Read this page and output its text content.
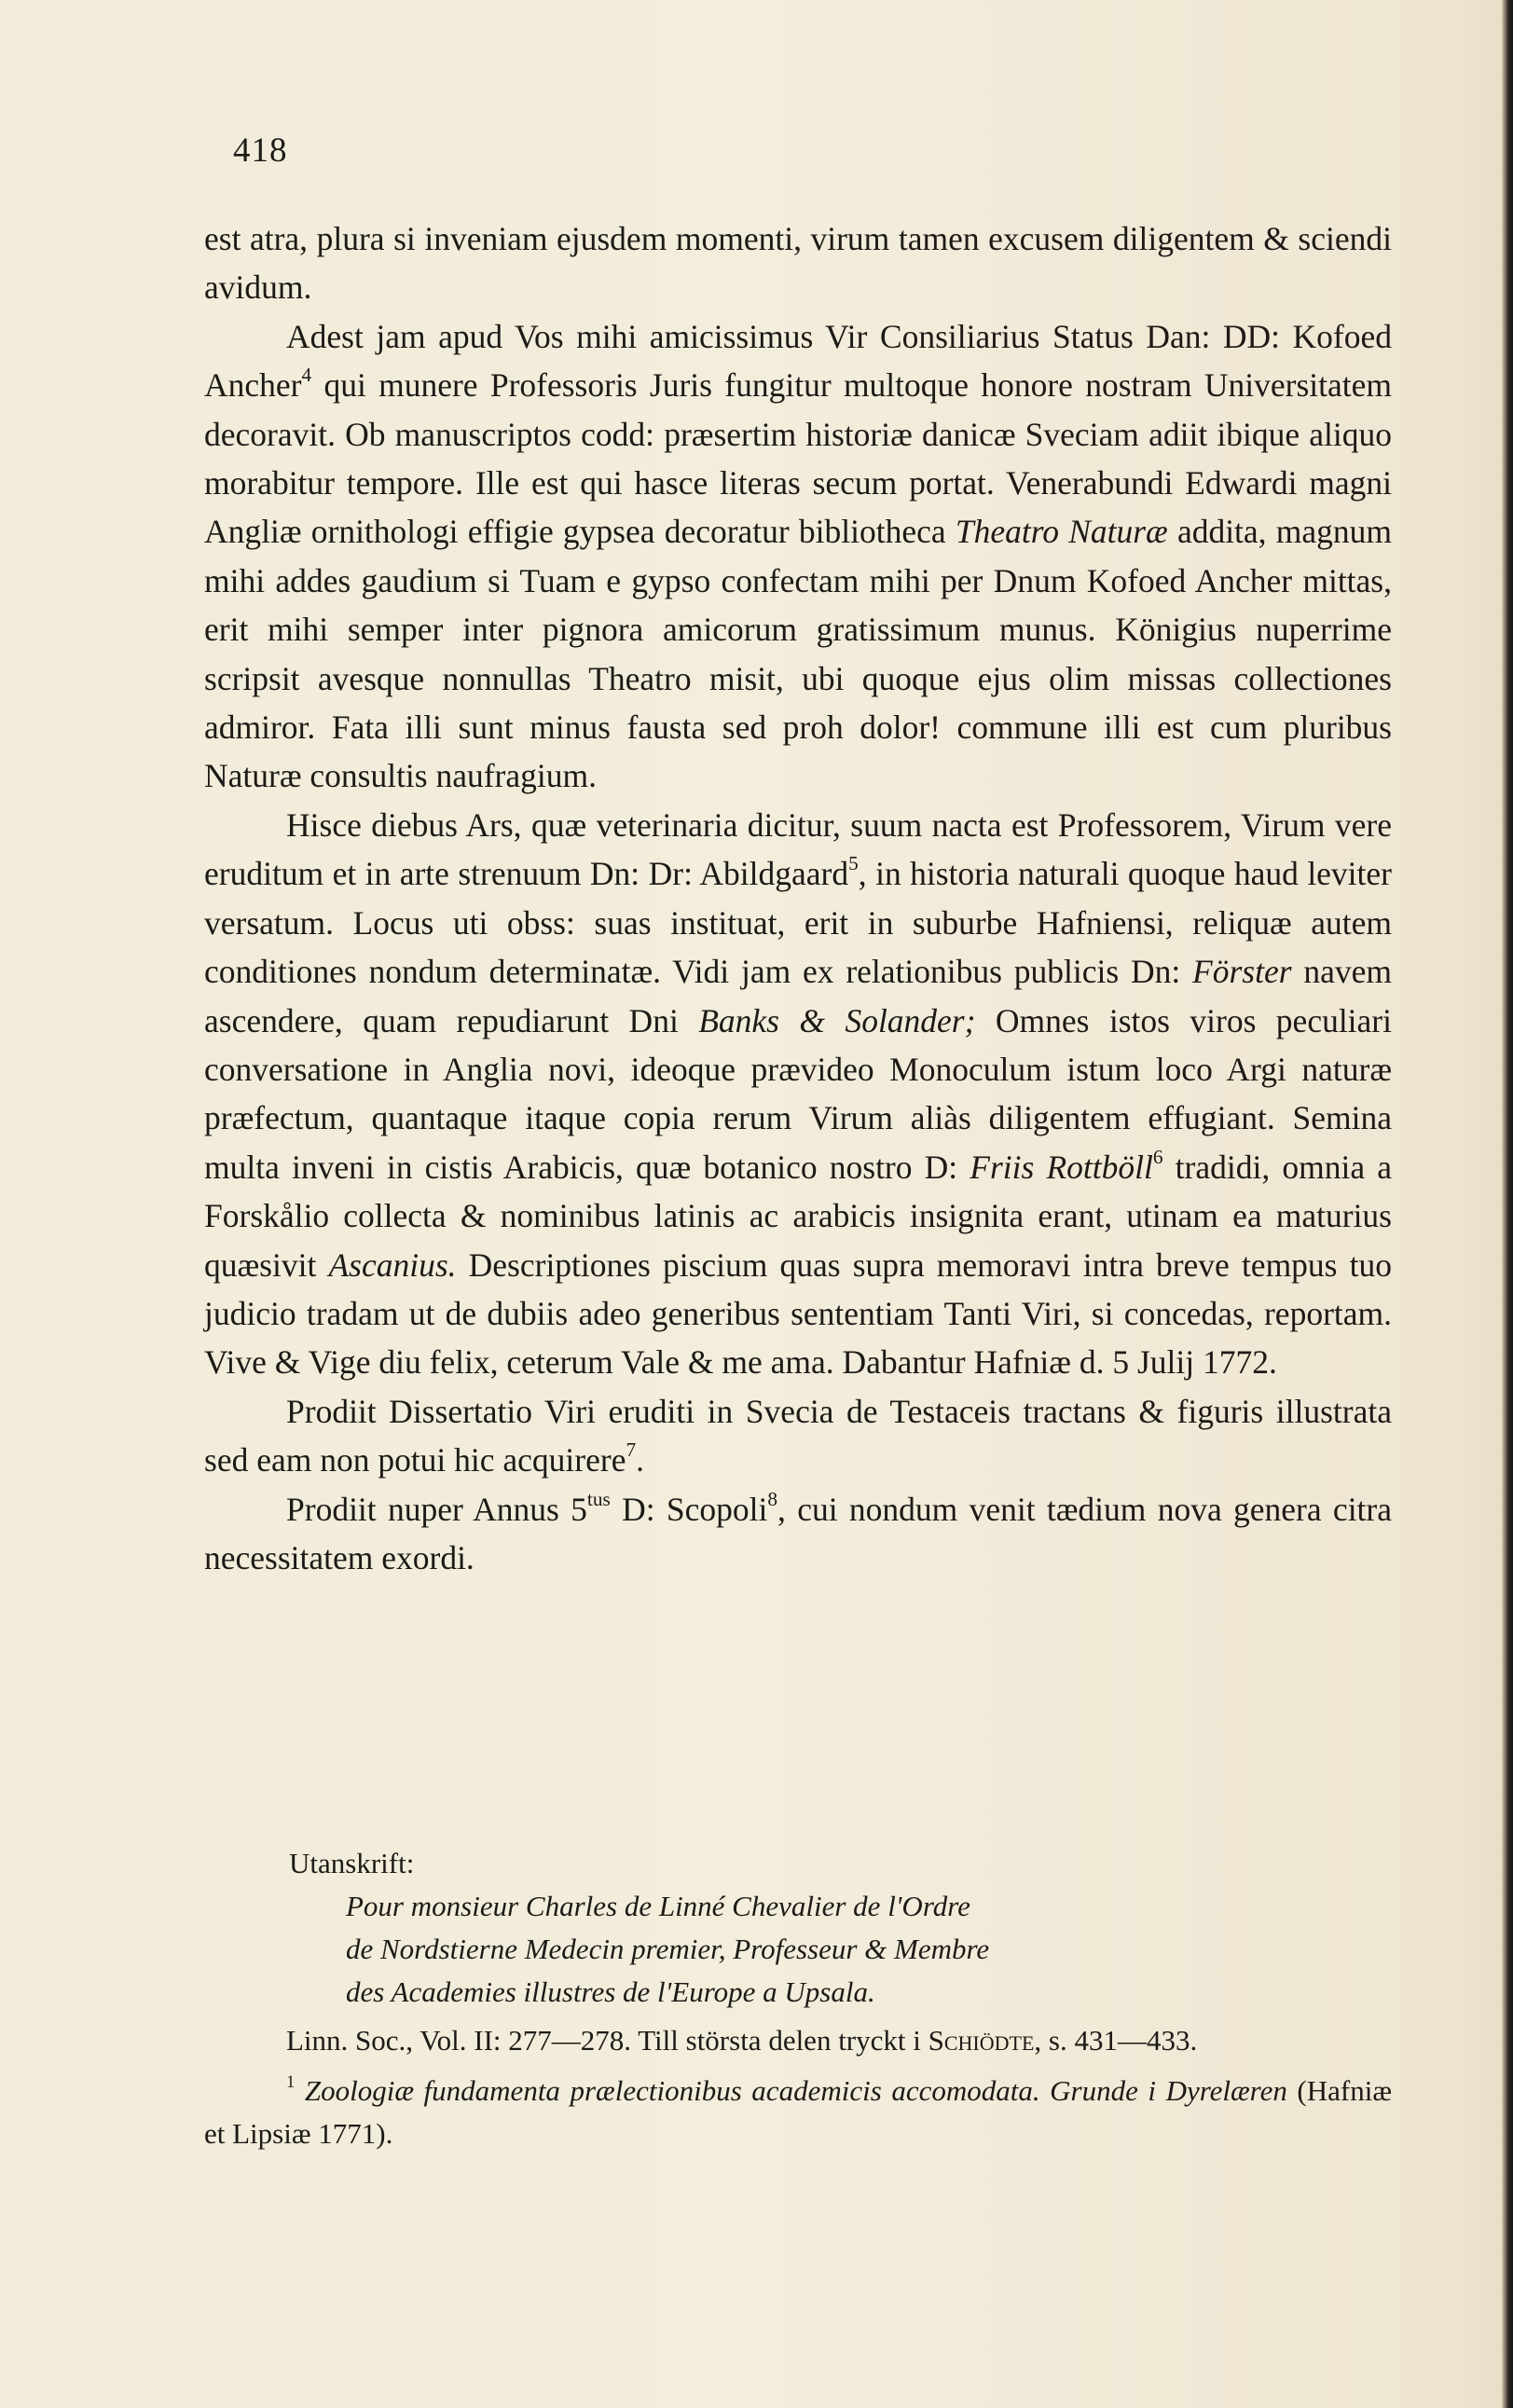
418

est atra, plura si inveniam ejusdem momenti, virum tamen excusem diligentem & sciendi avidum.

Adest jam apud Vos mihi amicissimus Vir Consiliarius Status Dan: DD: Kofoed Ancher$^4$ qui munere Professoris Juris fungitur multoque honore nostram Universitatem decoravit. Ob manuscriptos codd: præsertim historiæ danicæ Sveciam adiit ibique aliquo morabitur tempore. Ille est qui hasce literas secum portat. Venerabundi Edwardi magni Angliæ ornithologi effigie gypsea decoratur bibliotheca Theatro Naturæ addita, magnum mihi addes gaudium si Tuam e gypso confectam mihi per Dnum Kofoed Ancher mittas, erit mihi semper inter pignora amicorum gratissimum munus. Königius nuperrime scripsit avesque nonnullas Theatro misit, ubi quoque ejus olim missas collectiones admiror. Fata illi sunt minus fausta sed proh dolor! commune illi est cum pluribus Naturæ consultis naufragium.

Hisce diebus Ars, quæ veterinaria dicitur, suum nacta est Professorem, Virum vere eruditum et in arte strenuum Dn: Dr: Abildgaard$^5$, in historia naturali quoque haud leviter versatum. Locus uti obss: suas instituat, erit in suburbe Hafniensi, reliquæ autem conditiones nondum determinatæ. Vidi jam ex relationibus publicis Dn: Förster navem ascendere, quam repudiarunt Dni Banks & Solander; Omnes istos viros peculiari conversatione in Anglia novi, ideoque prævideo Monoculum istum loco Argi naturæ præfectum, quantaque itaque copia rerum Virum aliàs diligentem effugiant. Semina multa inveni in cistis Arabicis, quæ botanico nostro D: Friis Rottböll$^6$ tradidi, omnia a Forskålio collecta & nominibus latinis ac arabicis insignita erant, utinam ea maturius quæsivit Ascanius. Descriptiones piscium quas supra memoravi intra breve tempus tuo judicio tradam ut de dubiis adeo generibus sententiam Tanti Viri, si concedas, reportam. Vive & Vige diu felix, ceterum Vale & me ama. Dabantur Hafniæ d. 5 Julij 1772.

Prodiit Dissertatio Viri eruditi in Svecia de Testaceis tractans & figuris illustrata sed eam non potui hic acquirere$^7$.

Prodiit nuper Annus $5^{tus}$ D: Scopoli$^8$, cui nondum venit tædium nova genera citra necessitatem exordi.

Utanskrift:
Pour monsieur Charles de Linné Chevalier de l'Ordre
de Nordstierne Medecin premier, Professeur & Membre
des Academies illustres de l'Europe a Upsala.

Linn. Soc., Vol. II: 277—278. Till största delen tryckt i Schiödte, s. 431—433.

$^1$ Zoologiæ fundamenta prælectionibus academicis accomodata. Grunde i Dyrelæren (Hafniæ et Lipsiæ 1771).
